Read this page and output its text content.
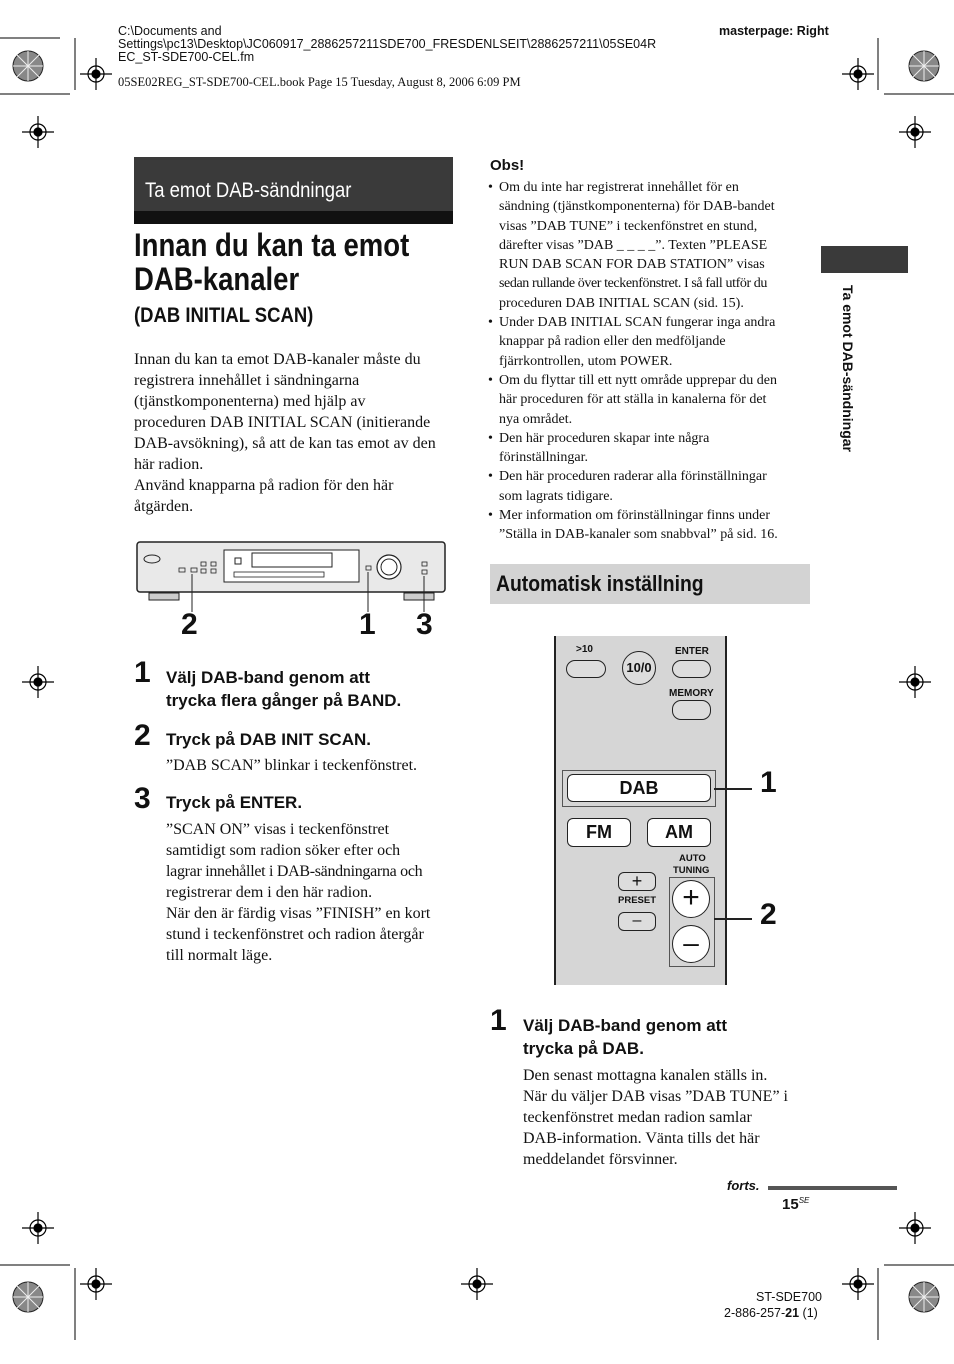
C:\Documents and
Settings\pc13\Desktop\JC060917_2886257211SDE700_FRESDENLSEIT\2886257211\05SE04R
EC_ST-SDE700-CEL.fm
masterpage: Right
05SE02REG_ST-SDE700-CEL.book Page 15 Tuesday, August 8, 2006 6:09 PM
Ta emot DAB-sändningar
Innan du kan ta emot
DAB-kanaler
(DAB INITIAL SCAN)
Innan du kan ta emot DAB-kanaler måste du
registrera innehållet i sändningarna
(tjänstkomponenterna) med hjälp av
proceduren DAB INITIAL SCAN (initierande
DAB-avsökning), så att de kan tas emot av den
här radion.
Använd knapparna på radion för den här
åtgärden.
2	1 3
1 Välj DAB-band genom att
trycka flera gånger på BAND.
2 Tryck på DAB INIT SCAN.
”DAB SCAN” blinkar i teckenfönstret.
3 Tryck på ENTER.
”SCAN ON” visas i teckenfönstret
samtidigt som radion söker efter och
lagrar innehållet i DAB-sändningarna och
registrerar dem i den här radion.
När den är färdig visas ”FINISH” en kort
stund i teckenfönstret och radion återgår
till normalt läge.
Obs!
• Om du inte har registrerat innehållet för en
sändning (tjänstkomponenterna) för DAB-bandet
visas ”DAB TUNE” i teckenfönstret en stund,
därefter visas ”DAB _ _ _ _”. Texten ”PLEASE
RUN DAB SCAN FOR DAB STATION” visas
sedan rullande över teckenfönstret. I så fall utför du
proceduren DAB INITIAL SCAN (sid. 15).
• Under DAB INITIAL SCAN fungerar inga andra
knappar på radion eller den medföljande
fjärrkontrollen, utom POWER.
• Om du flyttar till ett nytt område upprepar du den
här proceduren för att ställa in kanalerna för det
nya området.
• Den här proceduren skapar inte några
förinställningar.
• Den här proceduren raderar alla förinställningar
som lagrats tidigare.
• Mer information om förinställningar finns under
”Ställa in DAB-kanaler som snabbval” på sid. 16.
Automatisk inställning
>10
10/0
ENTER
MEMORY
DAB	1
FM	AM
AUTO
TUNING
+
PRESET
–
+
–
2
1 Välj DAB-band genom att
trycka på DAB.
Den senast mottagna kanalen ställs in.
När du väljer DAB visas ”DAB TUNE” i
teckenfönstret medan radion samlar
DAB-information. Vänta tills det här
meddelandet försvinner.
Ta emot DAB-sändningar
forts.
$15^{SE}$
ST-SDE700
2-886-257-21 (1)
